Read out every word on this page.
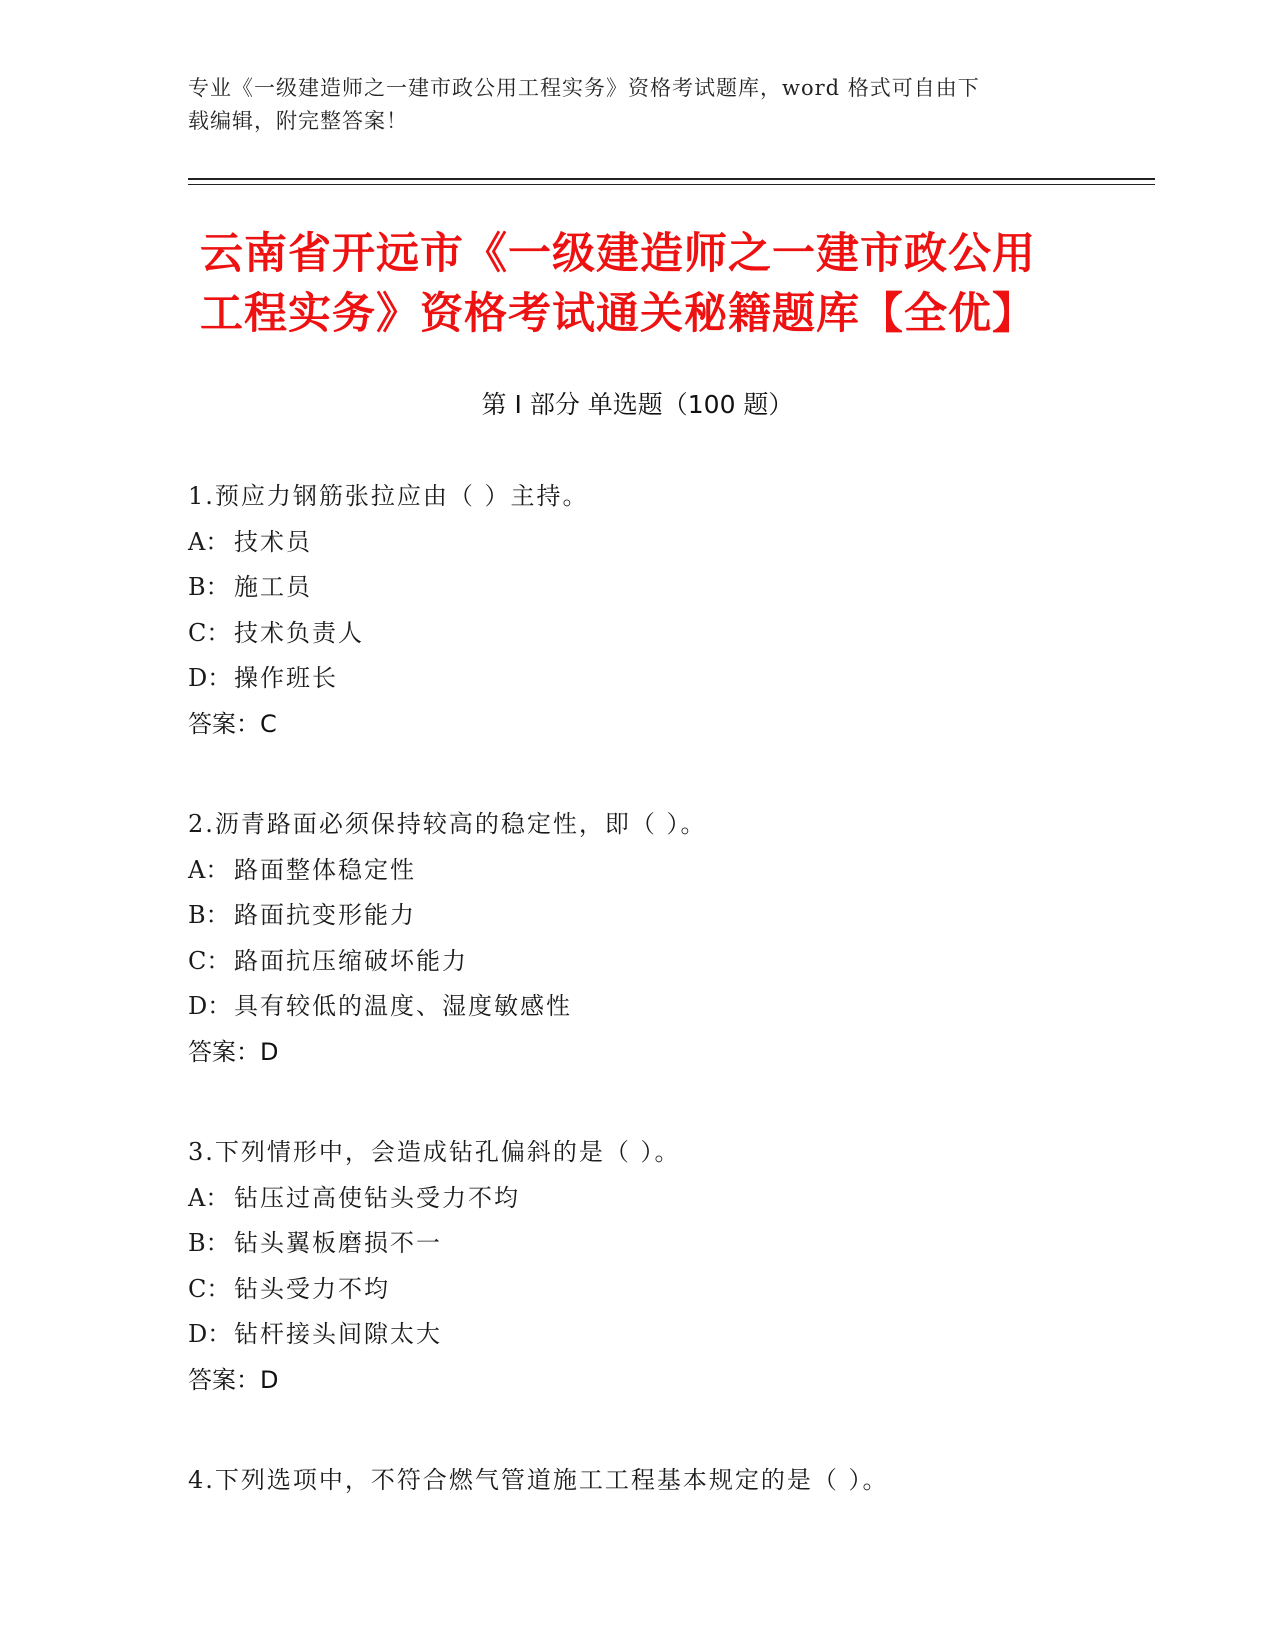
专业《一级建造师之一建市政公用工程实务》资格考试题库，word 格式可自由下
载编辑，附完整答案！
云南省开远市《一级建造师之一建市政公用
工程实务》资格考试通关秘籍题库【全优】
第 I 部分 单选题（100 题）
1.预应力钢筋张拉应由（ ）主持。
A： 技术员
B： 施工员
C： 技术负责人
D： 操作班长
答案：C
2.沥青路面必须保持较高的稳定性，即（ ）。
A： 路面整体稳定性
B： 路面抗变形能力
C： 路面抗压缩破坏能力
D： 具有较低的温度、湿度敏感性
答案：D
3.下列情形中，会造成钻孔偏斜的是（ ）。
A： 钻压过高使钻头受力不均
B： 钻头翼板磨损不一
C： 钻头受力不均
D： 钻杆接头间隙太大
答案：D
4.下列选项中，不符合燃气管道施工工程基本规定的是（ ）。
